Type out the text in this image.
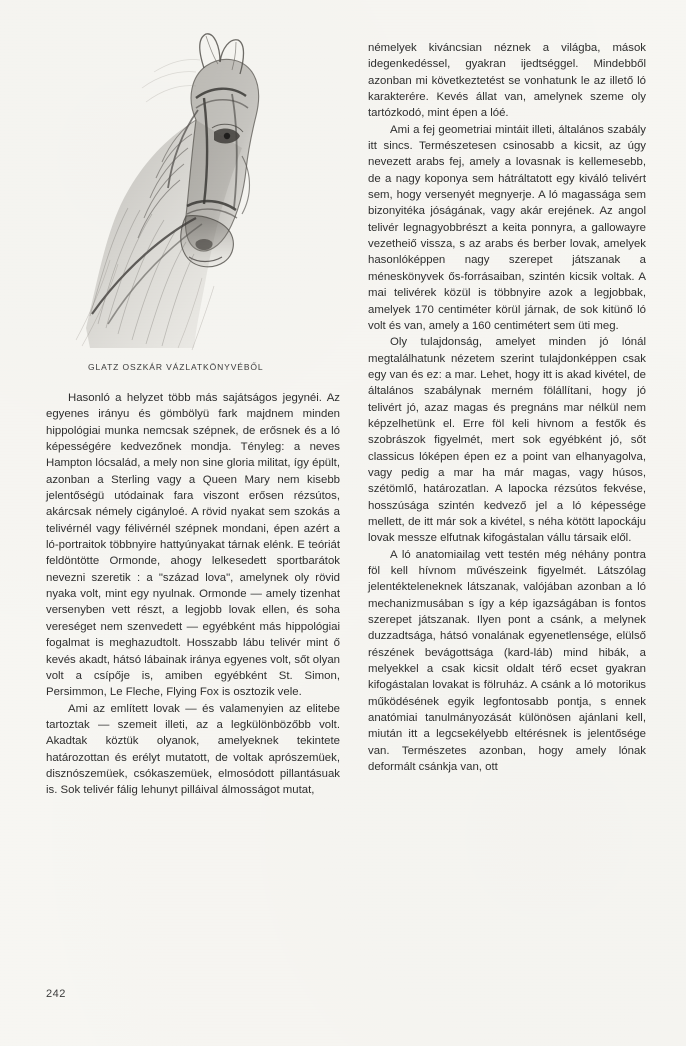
GLATZ OSZKÁR VÁZLATKÖNYVÉBŐL

Hasonló a helyzet több más sajátságos jegynéi. Az egyenes irányu és gömbölyü fark majdnem minden hippológiai munka nemcsak szépnek, de erősnek és a ló képességére kedvezőnek mondja. Tényleg: a neves Hampton lócsalád, a mely non sine gloria militat, így épült, azonban a Sterling vagy a Queen Mary nem kisebb jelentőségü utódainak fara viszont erősen rézsútos, akárcsak némely cigányloé. A rövid nyakat sem szokás a telivérnél vagy félivérnél szépnek mondani, épen azért a ló-portraitok többnyire hattyúnyakat tárnak elénk. E teóriát feldöntötte Ormonde, ahogy lelkesedett sportbarátok nevezni szeretik : a "század lova", amelynek oly rövid nyaka volt, mint egy nyulnak. Ormonde — amely tizenhat versenyben vett részt, a legjobb lovak ellen, és soha vereséget nem szenvedett — egyébként más hippológiai fogalmat is meghazudtolt. Hosszabb lábu telivér mint ő kevés akadt, hátsó lábainak iránya egyenes volt, sőt olyan volt a csípője is, amiben egyébként St. Simon, Persimmon, Le Fleche, Flying Fox is osztozik vele.

Ami az említett lovak — és valamenyien az elitebe tartoztak — szemeit illeti, az a legkülönbözőbb volt. Akadtak köztük olyanok, amelyeknek tekintete határozottan és erélyt mutatott, de voltak aprószemüek, disznószemüek, csókaszemüek, elmosódott pillantásuak is. Sok telivér fálig lehunyt pilláival álmosságot mutat,

némelyek kiváncsian néznek a világba, mások idegenkedéssel, gyakran ijedtséggel. Mindebből azonban mi következtetést se vonhatunk le az illető ló karakterére. Kevés állat van, amelynek szeme oly tartózkodó, mint épen a lóé.

Ami a fej geometriai mintáit illeti, általános szabály itt sincs. Természetesen csinosabb a kicsit, az úgy nevezett arabs fej, amely a lovasnak is kellemesebb, de a nagy koponya sem hátráltatott egy kiváló telivért sem, hogy versenyét megnyerje. A ló magassága sem bizonyitéka jóságának, vagy akár erejének. Az angol telivér legnagyobbrészt a keita ponnyra, a gallowayre vezetheiő vissza, s az arabs és berber lovak, amelyek hasonlóképpen nagy szerepet játszanak a méneskönyvek ős-forrásaiban, szintén kicsik voltak. A mai telivérek közül is többnyire azok a legjobbak, amelyek 170 centiméter körül járnak, de sok kitünő ló volt és van, amely a 160 centimétert sem üti meg.

Oly tulajdonság, amelyet minden jó lónál megtalálhatunk nézetem szerint tulajdonképpen csak egy van és ez: a mar. Lehet, hogy itt is akad kivétel, de általános szabálynak merném fölállítani, hogy jó telivért jó, azaz magas és pregnáns mar nélkül nem képzelhetünk el. Erre föl keli hivnom a festők és szobrászok figyelmét, mert sok egyébként jó, sőt classicus lóképen épen ez a point van elhanyagolva, vagy pedig a mar ha már magas, vagy húsos, szétömlő, határozatlan. A lapocka rézsútos fekvése, hosszúsága szintén kedvező jel a ló képessége mellett, de itt már sok a kivétel, s néha kötött lapockáju lovak messze elfutnak kifogástalan vállu társaik elől.

A ló anatomiailag vett testén még néhány pontra föl kell hívnom művészeink figyelmét. Látszólag jelentékteleneknek látszanak, valójában azonban a ló mechanizmusában s így a kép igazságában is fontos szerepet játszanak. Ilyen pont a csánk, a melynek duzzadtsága, hátsó vonalának egyenetlensége, elülső részének bevágottsága (kard-láb) mind hibák, a melyekkel a csak kicsit oldalt térő ecset gyakran kifogástalan lovakat is fölruház. A csánk a ló motorikus működésének egyik legfontosabb pontja, s ennek anatómiai tanulmányozását különösen ajánlani kell, miután itt a legcsekélyebb eltérésnek is jelentősége van. Természetes azonban, hogy amely lónak deformált csánkja van, ott

242
